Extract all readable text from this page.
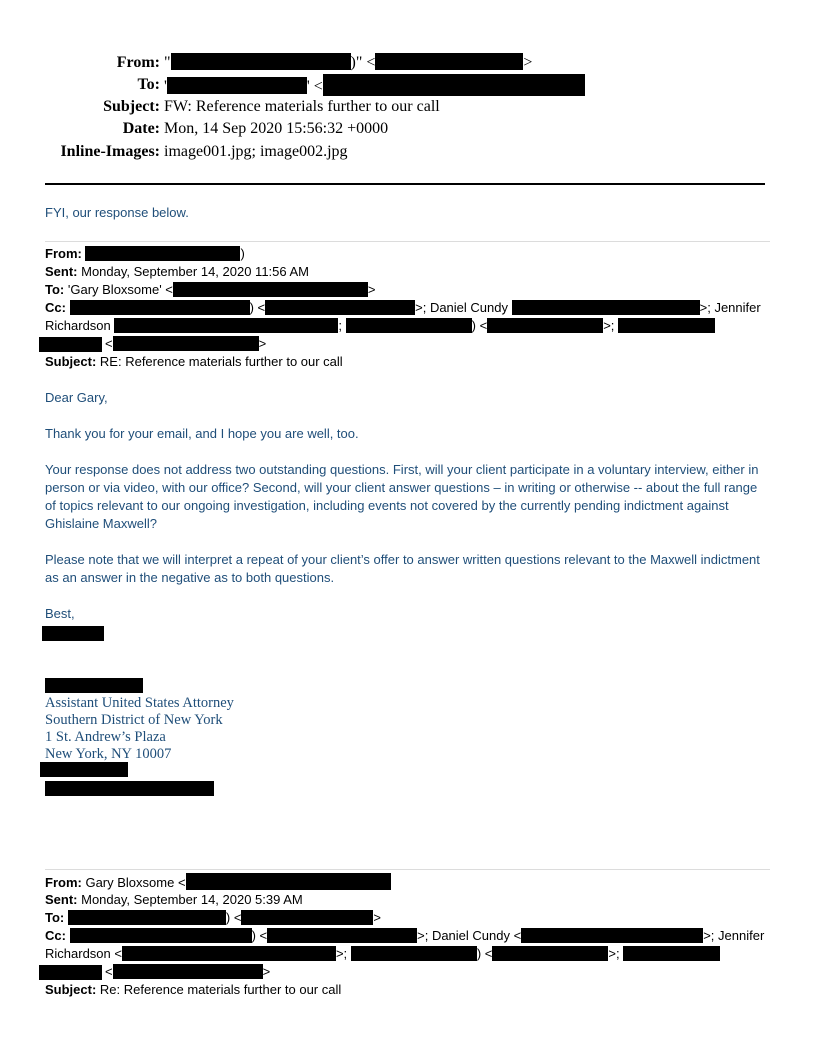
From: "	)" <	>
To: '	' <
Subject: FW: Reference materials further to our call
Date: Mon, 14 Sep 2020 15:56:32 +0000
Inline-Images: image001.jpg; image002.jpg
FYI, our response below.
From:	)
Sent: Monday, September 14, 2020 11:56 AM
To: 'Gary Bloxsome' <	>
Cc:	) <	>; Daniel Cundy	>; Jennifer
Richardson	;	) <	>;
<	>
Subject: RE: Reference materials further to our call
Dear Gary,
Thank you for your email, and I hope you are well, too.
Your response does not address two outstanding questions. First, will your client participate in a voluntary interview, either in person or via video, with our office? Second, will your client answer questions – in writing or otherwise -- about the full range of topics relevant to our ongoing investigation, including events not covered by the currently pending indictment against Ghislaine Maxwell?
Please note that we will interpret a repeat of your client’s offer to answer written questions relevant to the Maxwell indictment as an answer in the negative as to both questions.
Best,
Assistant United States Attorney
Southern District of New York
1 St. Andrew’s Plaza
New York, NY 10007
From: Gary Bloxsome <
Sent: Monday, September 14, 2020 5:39 AM
To:	) <	>
Cc:	) <	>; Daniel Cundy <	>; Jennifer
Richardson <	>;	) <	>;
<	>
Subject: Re: Reference materials further to our call
